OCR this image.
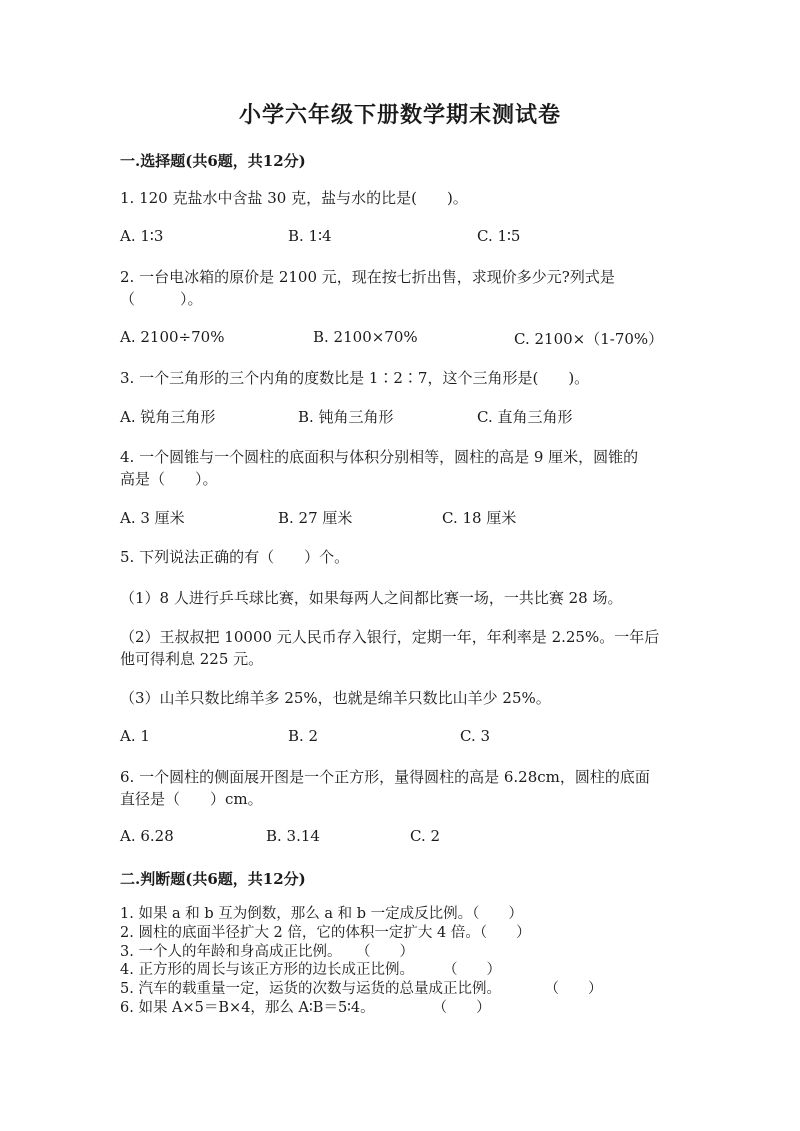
小学六年级下册数学期末测试卷
一.选择题(共6题，共12分)
1. 120 克盐水中含盐 30 克，盐与水的比是(　　)。
A. 1∶3	B. 1∶4	C. 1∶5
2. 一台电冰箱的原价是 2100 元，现在按七折出售，求现价多少元?列式是
（　　　）。
A. 2100÷70%	B. 2100×70%	C. 2100×（1-70%）
3. 一个三角形的三个内角的度数比是 1∶2∶7，这个三角形是(　　)。
A. 锐角三角形	B. 钝角三角形	C. 直角三角形
4. 一个圆锥与一个圆柱的底面积与体积分别相等，圆柱的高是 9 厘米，圆锥的
高是（　　）。
A. 3 厘米	B. 27 厘米	C. 18 厘米
5. 下列说法正确的有（　　）个。
（1）8 人进行乒乓球比赛，如果每两人之间都比赛一场，一共比赛 28 场。
（2）王叔叔把 10000 元人民币存入银行，定期一年，年利率是 2.25%。一年后
他可得利息 225 元。
（3）山羊只数比绵羊多 25%，也就是绵羊只数比山羊少 25%。
A. 1	B. 2	C. 3
6. 一个圆柱的侧面展开图是一个正方形，量得圆柱的高是 6.28cm，圆柱的底面
直径是（　　）cm。
A. 6.28	B. 3.14	C. 2
二.判断题(共6题，共12分)
1. 如果 a 和 b 互为倒数，那么 a 和 b 一定成反比例。（　　）
2. 圆柱的底面半径扩大 2 倍，它的体积一定扩大 4 倍。（　　）
3. 一个人的年龄和身高成正比例。　　（　　）
4. 正方形的周长与该正方形的边长成正比例。　　　（　　）
5. 汽车的载重量一定，运货的次数与运货的总量成正比例。　　　　（　　）
6. 如果 A×5＝B×4，那么 A∶B＝5∶4。　　　　　（　　）
